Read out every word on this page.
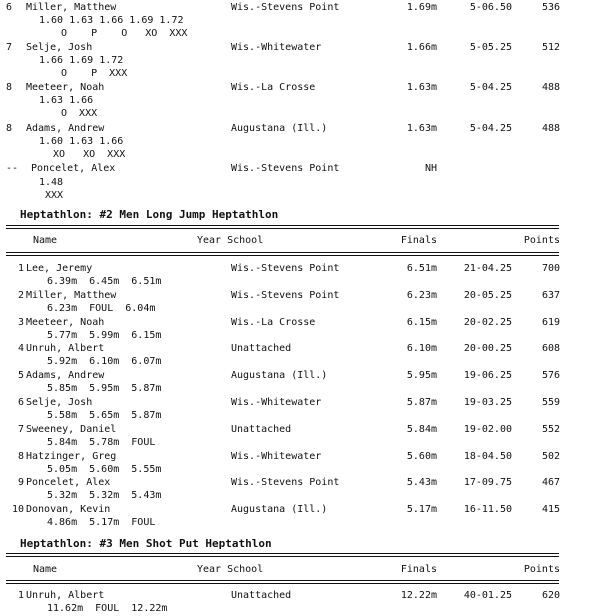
6	Miller, Matthew	Wis.-Stevens Point	1.69m	5-06.50	536
1.60 1.63 1.66 1.69 1.72
O    P    O   XO  XXX
7 Selje, Josh	Wis.-Whitewater	1.66m	5-05.25	512
1.66 1.69 1.72
O    P  XXX
8 Meeteer, Noah	Wis.-La Crosse	1.63m	5-04.25	488
1.63 1.66
O  XXX
8 Adams, Andrew	Augustana (Ill.)	1.63m	5-04.25	488
1.60 1.63 1.66
XO   XO  XXX
-- Poncelet, Alex	Wis.-Stevens Point	NH
1.48
XXX
Heptathlon: #2 Men Long Jump Heptathlon
Name	Year School	Finals	Points
1 Lee, Jeremy	Wis.-Stevens Point	6.51m	21-04.25	700
6.39m  6.45m  6.51m
2 Miller, Matthew	Wis.-Stevens Point	6.23m	20-05.25	637
6.23m  FOUL  6.04m
3 Meeteer, Noah	Wis.-La Crosse	6.15m	20-02.25	619
5.77m  5.99m  6.15m
4 Unruh, Albert	Unattached	6.10m	20-00.25	608
5.92m  6.10m  6.07m
5 Adams, Andrew	Augustana (Ill.)	5.95m	19-06.25	576
5.85m  5.95m  5.87m
6 Selje, Josh	Wis.-Whitewater	5.87m	19-03.25	559
5.58m  5.65m  5.87m
7 Sweeney, Daniel	Unattached	5.84m	19-02.00	552
5.84m  5.78m  FOUL
8 Hatzinger, Greg	Wis.-Whitewater	5.60m	18-04.50	502
5.05m  5.60m  5.55m
9 Poncelet, Alex	Wis.-Stevens Point	5.43m	17-09.75	467
5.32m  5.32m  5.43m
10 Donovan, Kevin	Augustana (Ill.)	5.17m	16-11.50	415
4.86m  5.17m  FOUL
Heptathlon: #3 Men Shot Put Heptathlon
Name	Year School	Finals	Points
1 Unruh, Albert	Unattached	12.22m	40-01.25	620
11.62m  FOUL  12.22m
